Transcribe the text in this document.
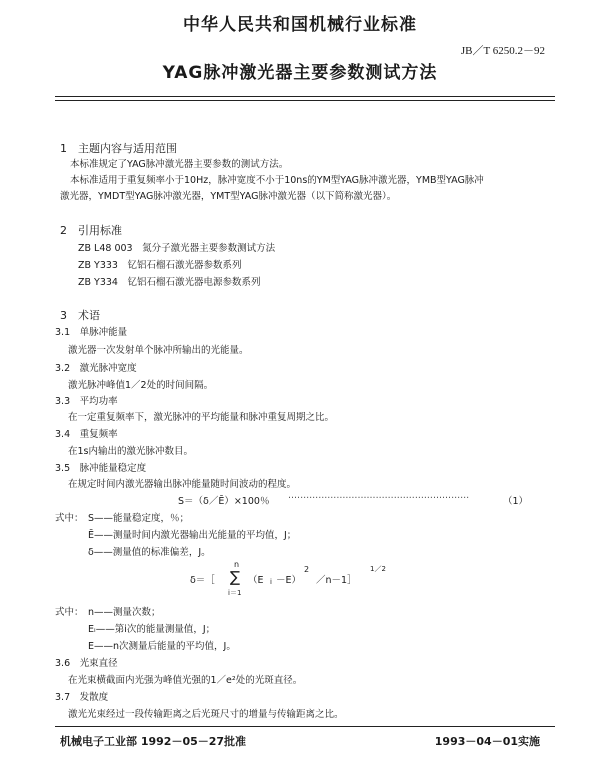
中华人民共和国机械行业标准
JB／T 6250.2－92
YAG脉冲激光器主要参数测试方法
1　主题内容与适用范围
本标准规定了YAG脉冲激光器主要参数的测试方法。
本标准适用于重复频率小于10Hz，脉冲宽度不小于10ns的YM型YAG脉冲激光器，YMB型YAG脉冲
激光器，YMDT型YAG脉冲激光器，YMT型YAG脉冲激光器（以下简称激光器）。
2　引用标准
ZB L48 003　氮分子激光器主要参数测试方法
ZB Y333　钇铝石榴石激光器参数系列
ZB Y334　钇铝石榴石激光器电源参数系列
3　术语
3.1　单脉冲能量
激光器一次发射单个脉冲所输出的光能量。
3.2　激光脉冲宽度
激光脉冲峰值1／2处的时间间隔。
3.3　平均功率
在一定重复频率下，激光脉冲的平均能量和脉冲重复周期之比。
3.4　重复频率
在1s内输出的激光脉冲数目。
3.5　脉冲能量稳定度
在规定时间内激光器输出脉冲能量随时间波动的程度。
S＝（δ／Ē）×100％ ····························································	（1）
式中： S——能量稳定度，％；
Ē——测量时间内激光器输出光能量的平均值，J；
δ——测量值的标准偏差，J。
δ＝［
n
∑
i＝1
（E i －E）
2
／n－1］
1／2
式中： n——测量次数；
Eᵢ——第i次的能量测量值，J；
E——n次测量后能量的平均值，J。
3.6　光束直径
在光束横截面内光强为峰值光强的1／e²处的光斑直径。
3.7　发散度
激光光束经过一段传输距离之后光斑尺寸的增量与传输距离之比。
机械电子工业部 1992－05－27批准	1993－04－01实施
